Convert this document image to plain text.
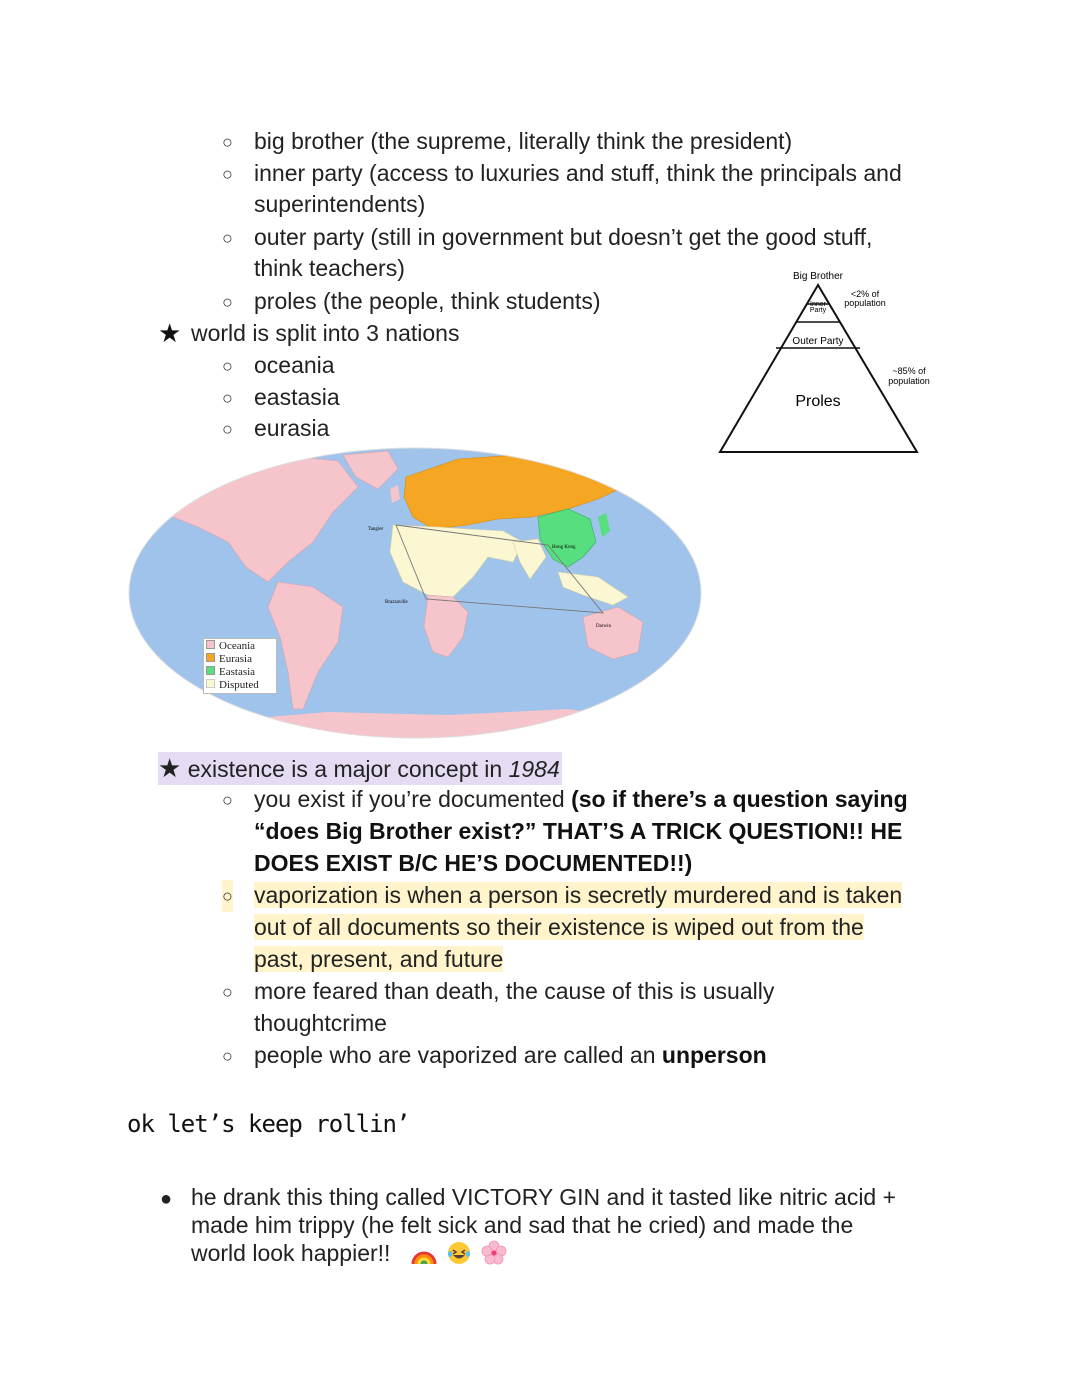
○ big brother (the supreme, literally think the president)
○ inner party (access to luxuries and stuff, think the principals and
superintendents)
○ outer party (still in government but doesn’t get the good stuff,
think teachers)
○ proles (the people, think students)
★ world is split into 3 nations
○ oceania
○ eastasia
○ eurasia
Big Brother
Inner
Party
Outer Party
Proles
<2% of
population
~85% of
population
Tangier
Hong Kong
Brazzaville
Darwin
Oceania
Eurasia
Eastasia
Disputed
★ existence is a major concept in 1984
○ you exist if you’re documented (so if there’s a question saying
“does Big Brother exist?” THAT’S A TRICK QUESTION!! HE
DOES EXIST B/C HE’S DOCUMENTED!!)
○ vaporization is when a person is secretly murdered and is taken
out of all documents so their existence is wiped out from the
past, present, and future
○ more feared than death, the cause of this is usually
thoughtcrime
○ people who are vaporized are called an unperson
ok let’s keep rollin’
● he drank this thing called VICTORY GIN and it tasted like nitric acid +
made him trippy (he felt sick and sad that he cried) and made the
world look happier!!
